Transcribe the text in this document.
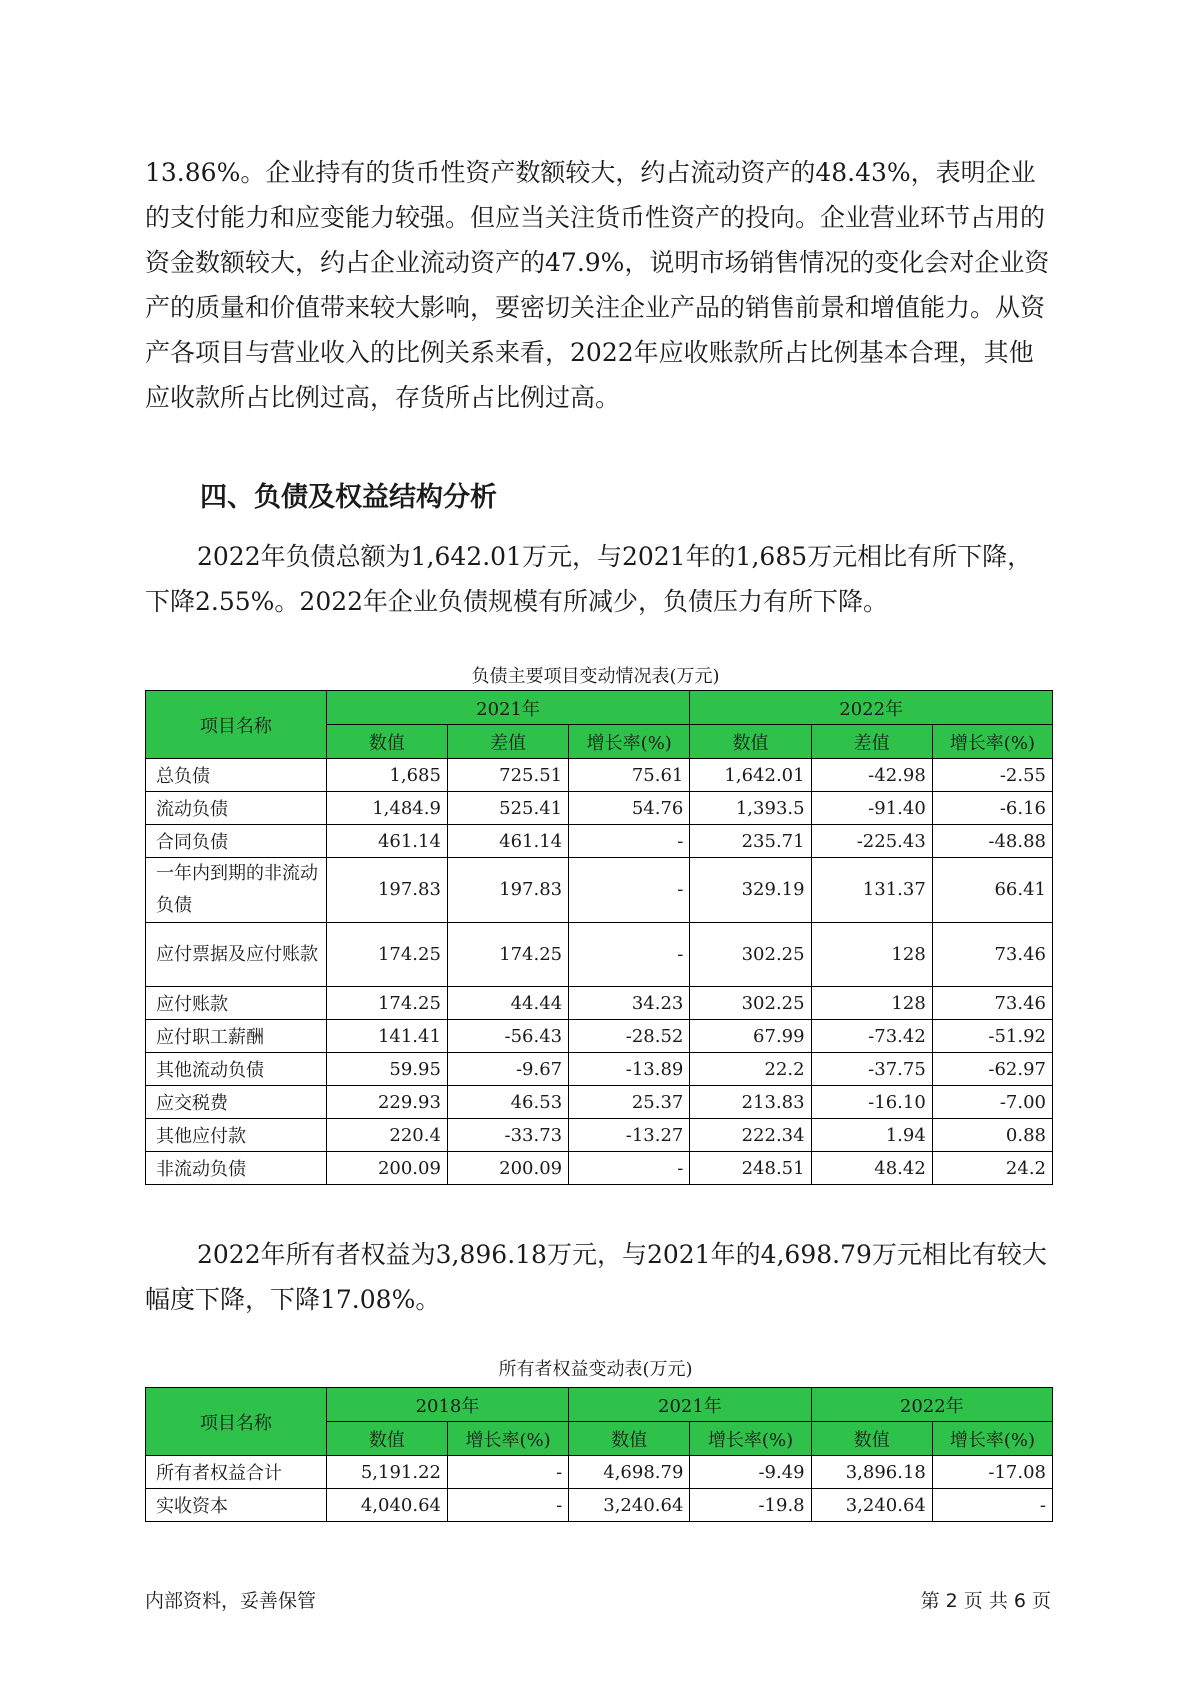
13.86%。企业持有的货币性资产数额较大，约占流动资产的48.43%，表明企业的支付能力和应变能力较强。但应当关注货币性资产的投向。企业营业环节占用的资金数额较大，约占企业流动资产的47.9%，说明市场销售情况的变化会对企业资产的质量和价值带来较大影响，要密切关注企业产品的销售前景和增值能力。从资产各项目与营业收入的比例关系来看，2022年应收账款所占比例基本合理，其他应收款所占比例过高，存货所占比例过高。

四、负债及权益结构分析

2022年负债总额为1,642.01万元，与2021年的1,685万元相比有所下降，下降2.55%。2022年企业负债规模有所减少，负债压力有所下降。

负债主要项目变动情况表(万元)
项目名称	2021年			2022年		
	数值	差值	增长率(%)	数值	差值	增长率(%)
总负债	1,685	725.51	75.61	1,642.01	-42.98	-2.55
流动负债	1,484.9	525.41	54.76	1,393.5	-91.40	-6.16
合同负债	461.14	461.14	-	235.71	-225.43	-48.88
一年内到期的非流动负债	197.83	197.83	-	329.19	131.37	66.41
应付票据及应付账款	174.25	174.25	-	302.25	128	73.46
应付账款	174.25	44.44	34.23	302.25	128	73.46
应付职工薪酬	141.41	-56.43	-28.52	67.99	-73.42	-51.92
其他流动负债	59.95	-9.67	-13.89	22.2	-37.75	-62.97
应交税费	229.93	46.53	25.37	213.83	-16.10	-7.00
其他应付款	220.4	-33.73	-13.27	222.34	1.94	0.88
非流动负债	200.09	200.09	-	248.51	48.42	24.2

2022年所有者权益为3,896.18万元，与2021年的4,698.79万元相比有较大幅度下降，下降17.08%。

所有者权益变动表(万元)
项目名称	2018年		2021年		2022年	
	数值	增长率(%)	数值	增长率(%)	数值	增长率(%)
所有者权益合计	5,191.22	-	4,698.79	-9.49	3,896.18	-17.08
实收资本	4,040.64	-	3,240.64	-19.8	3,240.64	-
内部资料，妥善保管	第 2 页 共 6 页
